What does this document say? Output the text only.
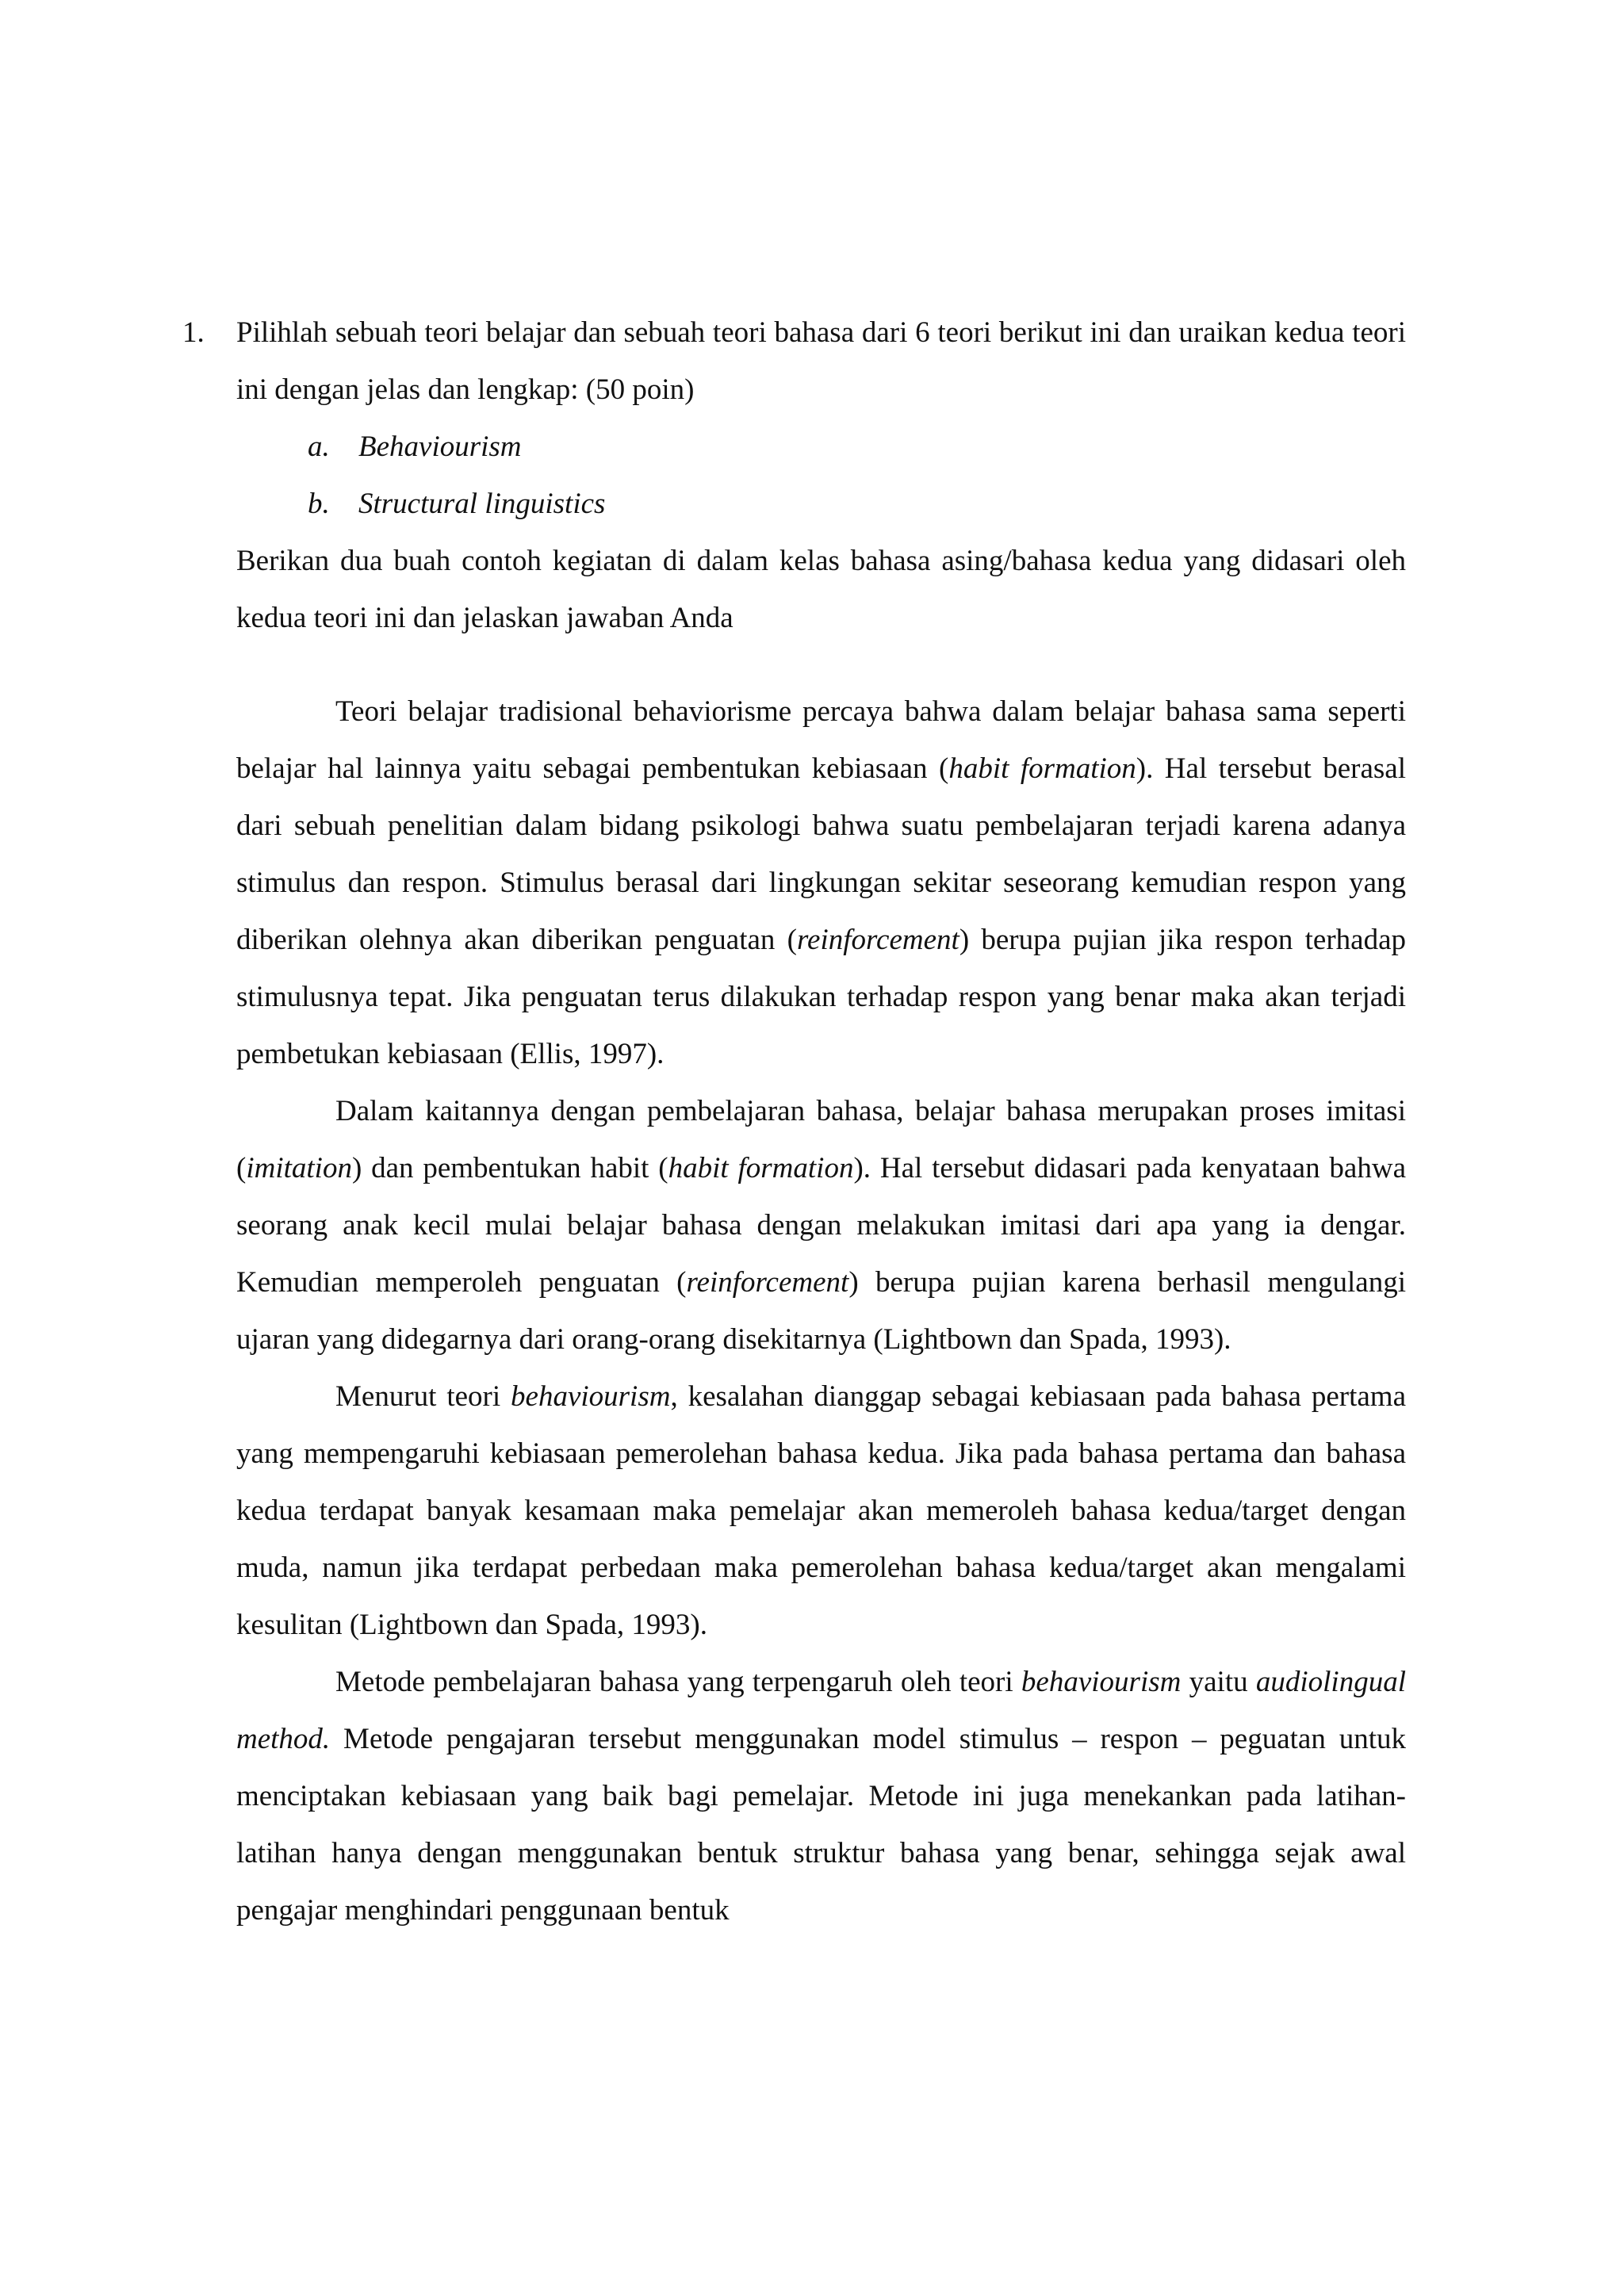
1.	Pilihlah sebuah teori belajar dan sebuah teori bahasa dari 6 teori berikut ini dan uraikan kedua teori ini dengan jelas dan lengkap: (50 poin)

a. Behaviourism
b. Structural linguistics

Berikan dua buah contoh kegiatan di dalam kelas bahasa asing/bahasa kedua yang didasari oleh kedua teori ini dan jelaskan jawaban Anda

Teori belajar tradisional behaviorisme percaya bahwa dalam belajar bahasa sama seperti belajar hal lainnya yaitu sebagai pembentukan kebiasaan (habit formation). Hal tersebut berasal dari sebuah penelitian dalam bidang psikologi bahwa suatu pembelajaran terjadi karena adanya stimulus dan respon. Stimulus berasal dari lingkungan sekitar seseorang kemudian respon yang diberikan olehnya akan diberikan penguatan (reinforcement) berupa pujian jika respon terhadap stimulusnya tepat. Jika penguatan terus dilakukan terhadap respon yang benar maka akan terjadi pembetukan kebiasaan (Ellis, 1997).

Dalam kaitannya dengan pembelajaran bahasa, belajar bahasa merupakan proses imitasi (imitation) dan pembentukan habit (habit formation). Hal tersebut didasari pada kenyataan bahwa seorang anak kecil mulai belajar bahasa dengan melakukan imitasi dari apa yang ia dengar. Kemudian memperoleh penguatan (reinforcement) berupa pujian karena berhasil mengulangi ujaran yang didegarnya dari orang-orang disekitarnya (Lightbown dan Spada, 1993).

Menurut teori behaviourism, kesalahan dianggap sebagai kebiasaan pada bahasa pertama yang mempengaruhi kebiasaan pemerolehan bahasa kedua. Jika pada bahasa pertama dan bahasa kedua terdapat banyak kesamaan maka pemelajar akan memeroleh bahasa kedua/target dengan muda, namun jika terdapat perbedaan maka pemerolehan bahasa kedua/target akan mengalami kesulitan (Lightbown dan Spada, 1993).

Metode pembelajaran bahasa yang terpengaruh oleh teori behaviourism yaitu audiolingual method. Metode pengajaran tersebut menggunakan model stimulus – respon – peguatan untuk menciptakan kebiasaan yang baik bagi pemelajar. Metode ini juga menekankan pada latihan-latihan hanya dengan menggunakan bentuk struktur bahasa yang benar, sehingga sejak awal pengajar menghindari penggunaan bentuk
